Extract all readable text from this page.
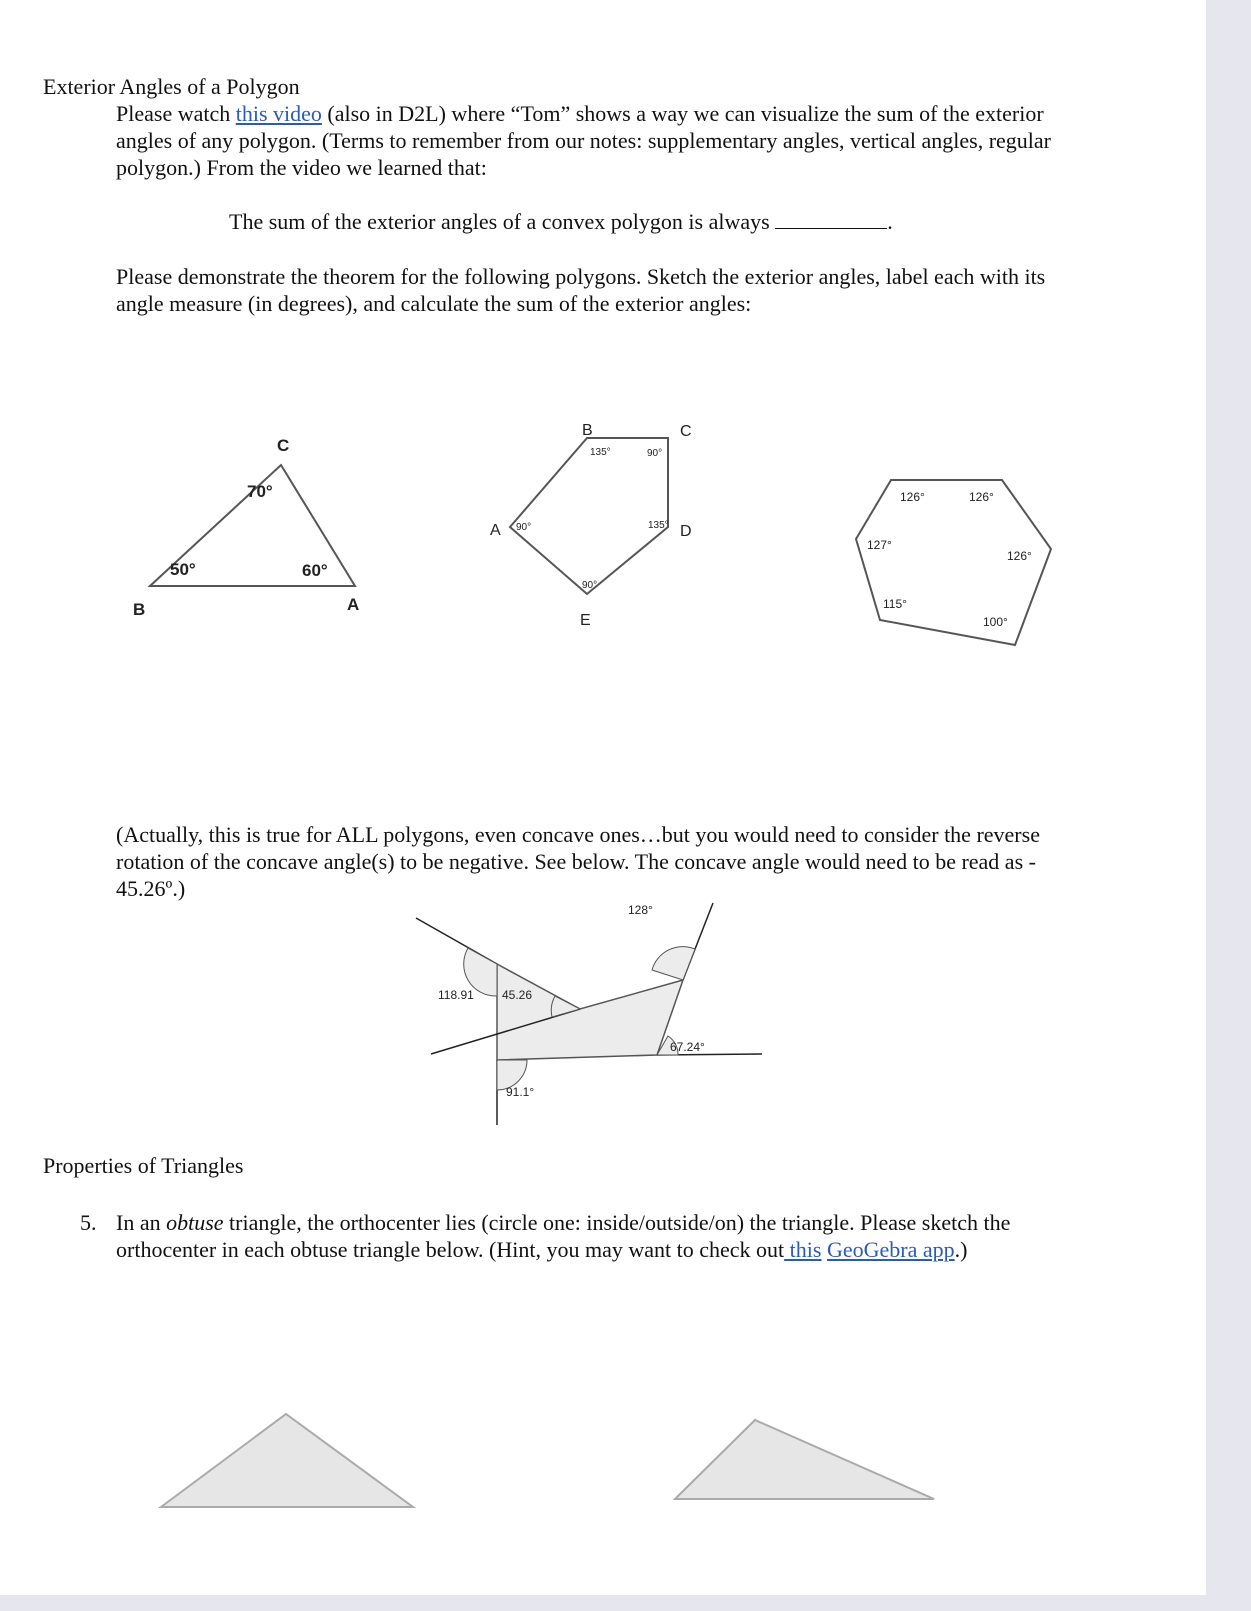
Exterior Angles of a Polygon

Please watch this video (also in D2L) where “Tom” shows a way we can visualize the sum of the exterior angles of any polygon. (Terms to remember from our notes: supplementary angles, vertical angles, regular polygon.) From the video we learned that:

The sum of the exterior angles of a convex polygon is always	.

Please demonstrate the theorem for the following polygons. Sketch the exterior angles, label each with its angle measure (in degrees), and calculate the sum of the exterior angles:

B	A
C
50°	60°
70°
A
B	C
D
E
90°
135°	90°
135°
90°
126°	126°
126°
100°
115°
127°

(Actually, this is true for ALL polygons, even concave ones…but you would need to consider the reverse rotation of the concave angle(s) to be negative. See below. The concave angle would need to be read as - 45.26º.)

128°
118.91 45.26
67.24°
91.1°
Properties of Triangles
5. In an obtuse triangle, the orthocenter lies (circle one: inside/outside/on) the triangle. Please sketch the orthocenter in each obtuse triangle below. (Hint, you may want to check out this GeoGebra app.)
